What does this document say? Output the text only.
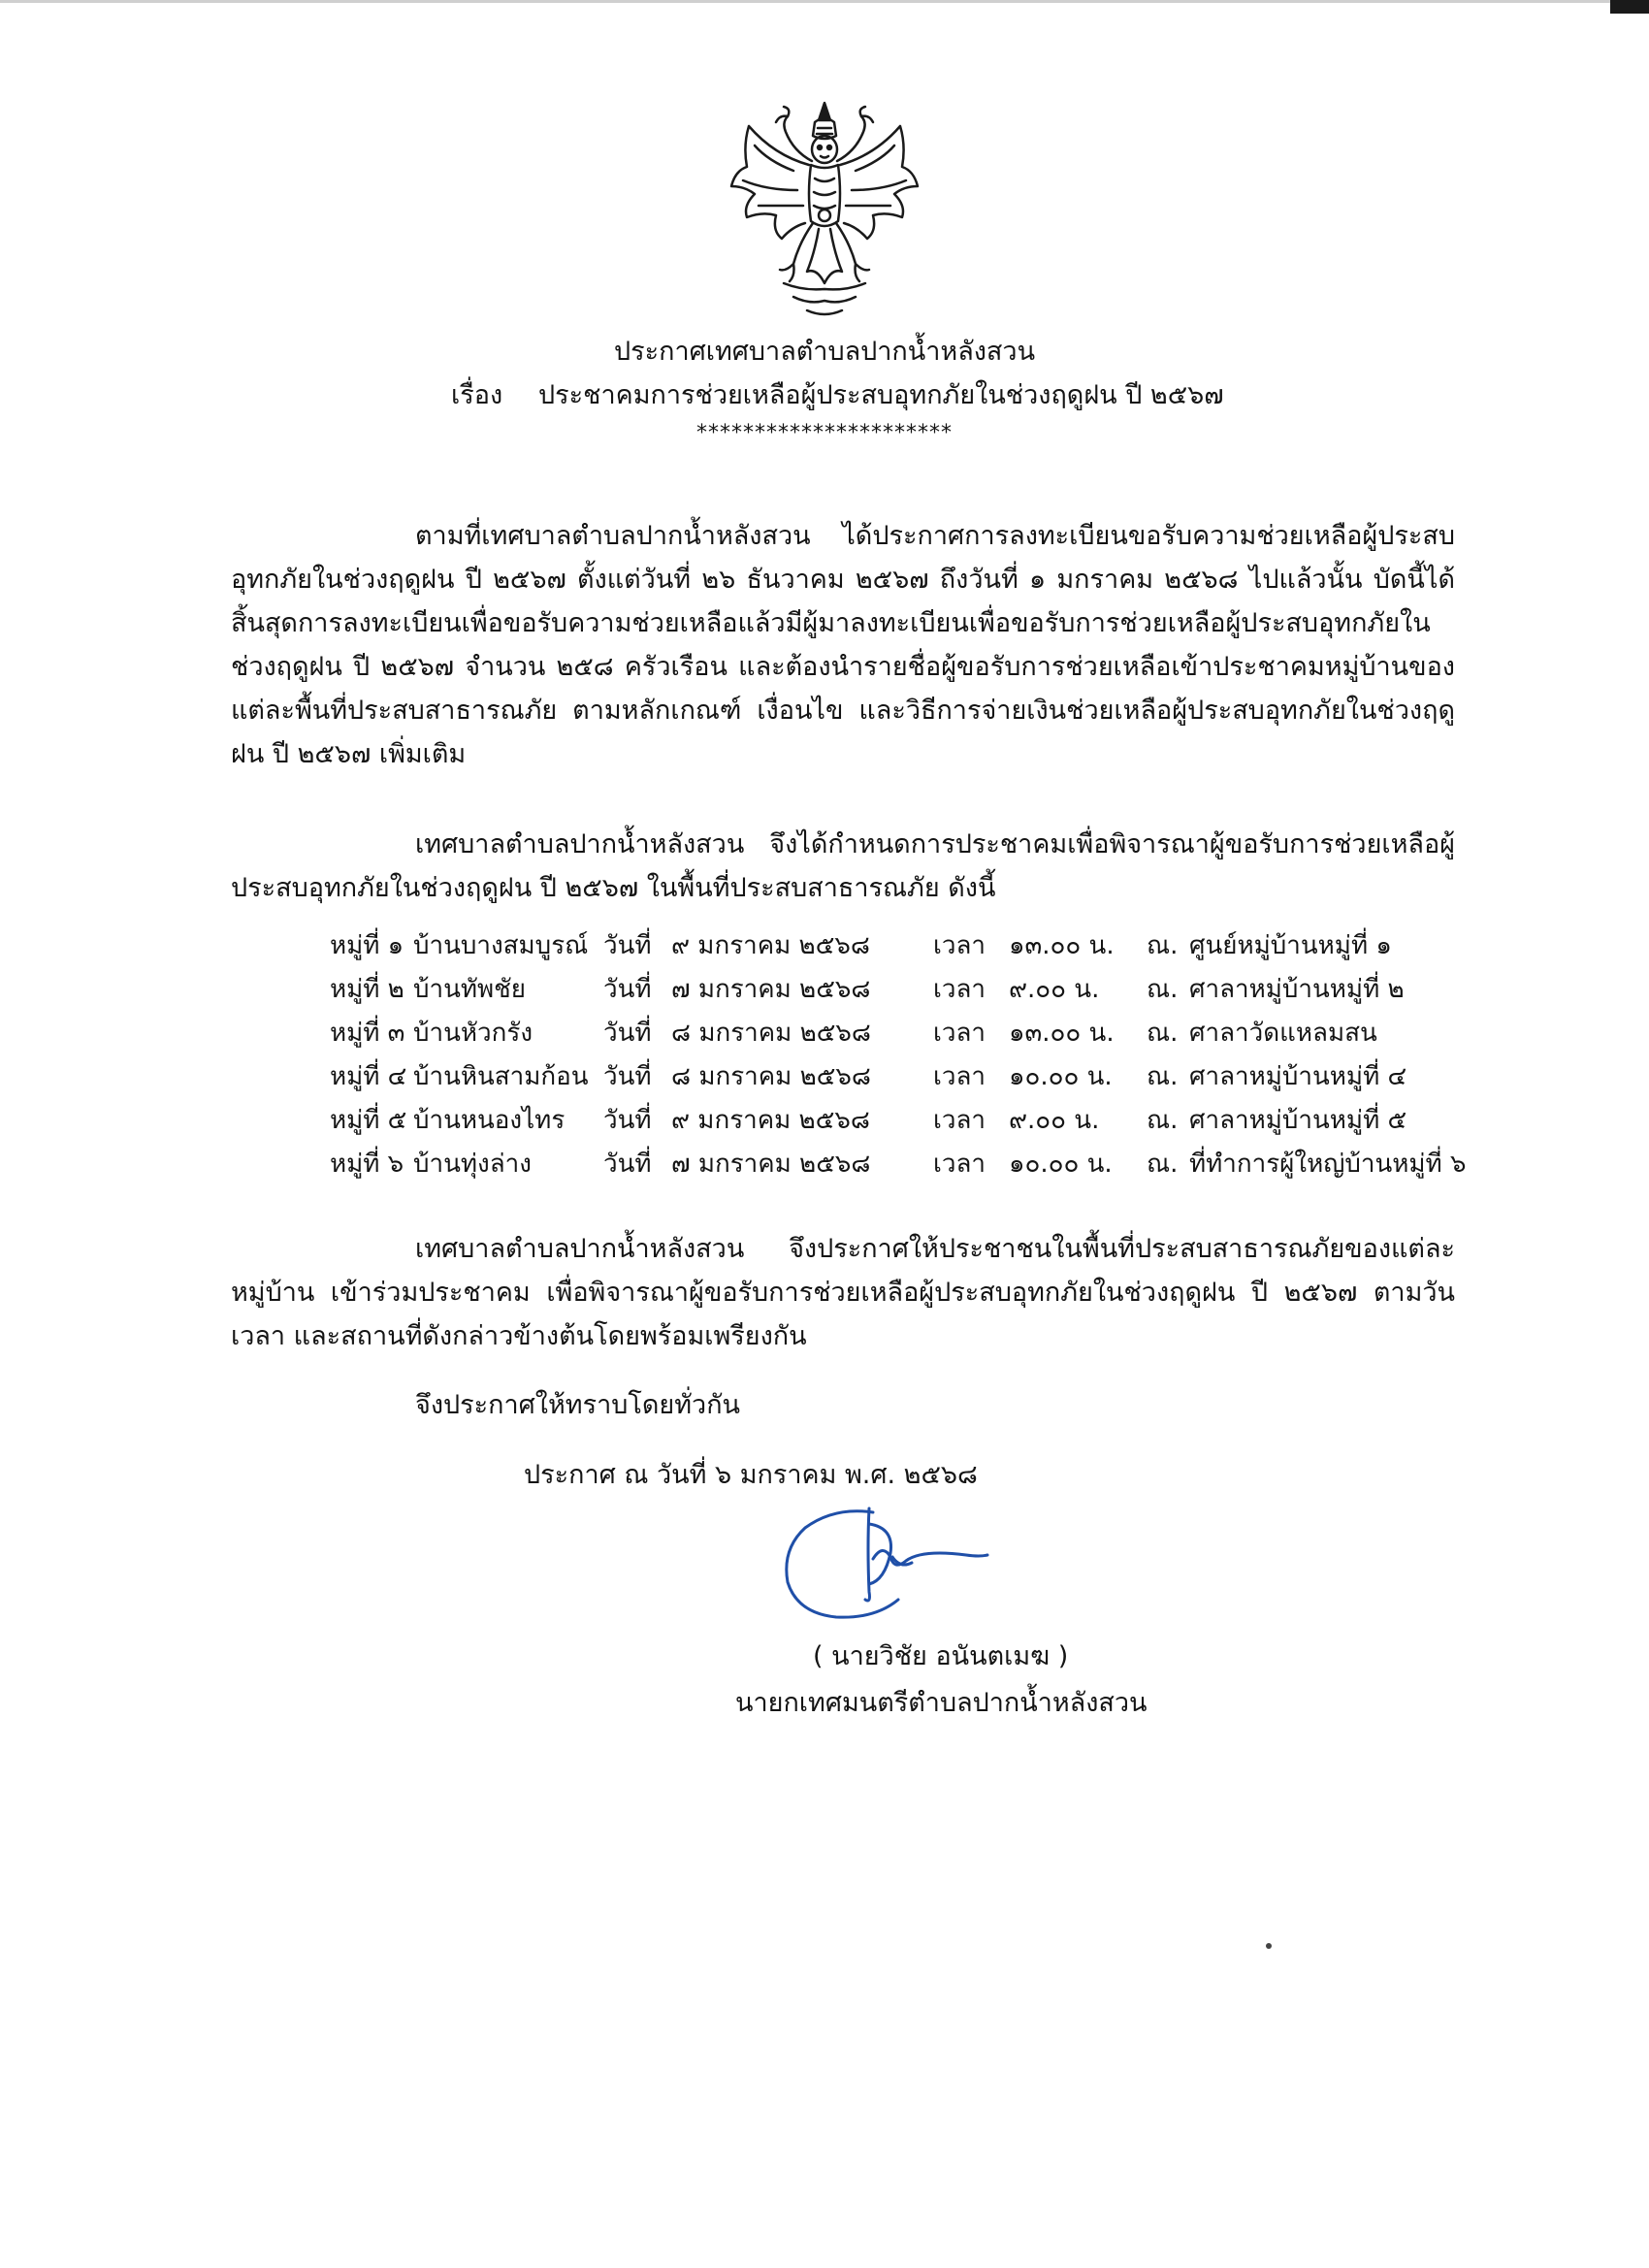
ประกาศเทศบาลตำบลปากน้ำหลังสวน
เรื่อง ประชาคมการช่วยเหลือผู้ประสบอุทกภัยในช่วงฤดูฝน ปี ๒๕๖๗
**********************

ตามที่เทศบาลตำบลปากน้ำหลังสวน ได้ประกาศการลงทะเบียนขอรับความช่วยเหลือผู้ประสบอุทกภัยในช่วงฤดูฝน ปี ๒๕๖๗ ตั้งแต่วันที่ ๒๖ ธันวาคม ๒๕๖๗ ถึงวันที่ ๑ มกราคม ๒๕๖๘ ไปแล้วนั้น บัดนี้ได้สิ้นสุดการลงทะเบียนเพื่อขอรับความช่วยเหลือแล้วมีผู้มาลงทะเบียนเพื่อขอรับการช่วยเหลือผู้ประสบอุทกภัยในช่วงฤดูฝน ปี ๒๕๖๗ จำนวน ๒๕๘ ครัวเรือน และต้องนำรายชื่อผู้ขอรับการช่วยเหลือเข้าประชาคมหมู่บ้านของแต่ละพื้นที่ประสบสาธารณภัย ตามหลักเกณฑ์ เงื่อนไข และวิธีการจ่ายเงินช่วยเหลือผู้ประสบอุทกภัยในช่วงฤดูฝน ปี ๒๕๖๗ เพิ่มเติม

เทศบาลตำบลปากน้ำหลังสวน จึงได้กำหนดการประชาคมเพื่อพิจารณาผู้ขอรับการช่วยเหลือผู้ประสบอุทกภัยในช่วงฤดูฝน ปี ๒๕๖๗ ในพื้นที่ประสบสาธารณภัย ดังนี้

หมู่ที่ ๑ บ้านบางสมบูรณ์ วันที่ ๙ มกราคม ๒๕๖๘	เวลา ๑๓.๐๐ น. ณ. ศูนย์หมู่บ้านหมู่ที่ ๑
หมู่ที่ ๒ บ้านทัพชัย	วันที่ ๗ มกราคม ๒๕๖๘ เวลา ๙.๐๐ น. ณ. ศาลาหมู่บ้านหมู่ที่ ๒
หมู่ที่ ๓ บ้านหัวกรัง	วันที่ ๘ มกราคม ๒๕๖๘ เวลา ๑๓.๐๐ น. ณ. ศาลาวัดแหลมสน
หมู่ที่ ๔ บ้านหินสามก้อน วันที่ ๘ มกราคม ๒๕๖๘ เวลา ๑๐.๐๐ น. ณ. ศาลาหมู่บ้านหมู่ที่ ๔
หมู่ที่ ๕ บ้านหนองไทร วันที่ ๙ มกราคม ๒๕๖๘	เวลา ๙.๐๐ น. ณ. ศาลาหมู่บ้านหมู่ที่ ๕
หมู่ที่ ๖ บ้านทุ่งล่าง	วันที่ ๗ มกราคม ๒๕๖๘ เวลา ๑๐.๐๐ น. ณ. ที่ทำการผู้ใหญ่บ้านหมู่ที่ ๖

เทศบาลตำบลปากน้ำหลังสวน จึงประกาศให้ประชาชนในพื้นที่ประสบสาธารณภัยของแต่ละหมู่บ้าน เข้าร่วมประชาคม เพื่อพิจารณาผู้ขอรับการช่วยเหลือผู้ประสบอุทกภัยในช่วงฤดูฝน ปี ๒๕๖๗ ตามวัน เวลา และสถานที่ดังกล่าวข้างต้นโดยพร้อมเพรียงกัน

จึงประกาศให้ทราบโดยทั่วกัน
ประกาศ ณ วันที่ ๖ มกราคม พ.ศ. ๒๕๖๘
( นายวิชัย อนันตเมฆ )
นายกเทศมนตรีตำบลปากน้ำหลังสวน
